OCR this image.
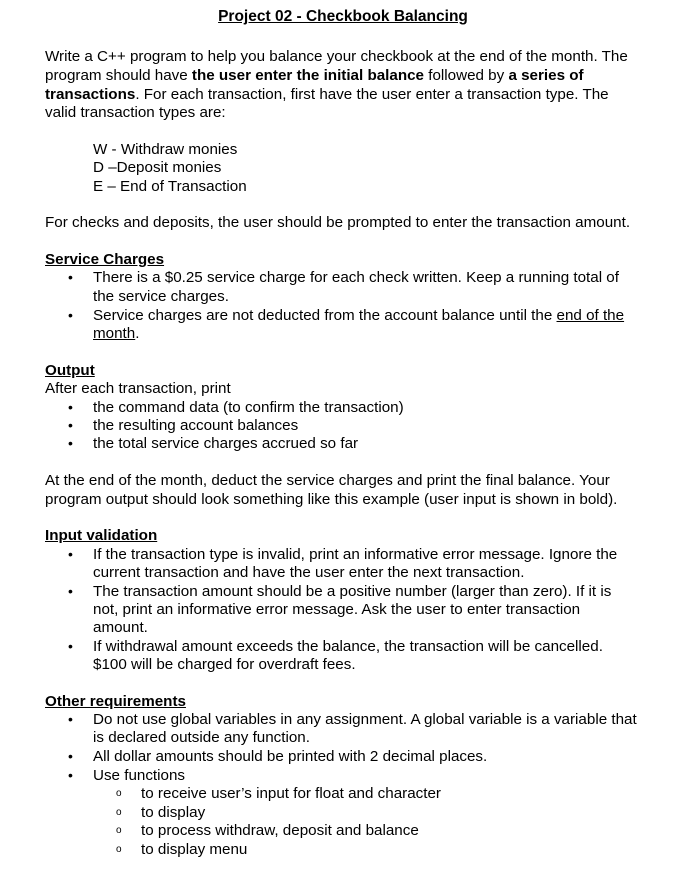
Project 02 - Checkbook Balancing
Write a C++ program to help you balance your checkbook at the end of the month. The
program should have the user enter the initial balance followed by a series of
transactions. For each transaction, first have the user enter a transaction type. The
valid transaction types are:
W - Withdraw monies
D –Deposit monies
E – End of Transaction
For checks and deposits, the user should be prompted to enter the transaction amount.
Service Charges
• There is a $0.25 service charge for each check written. Keep a running total of
the service charges.
• Service charges are not deducted from the account balance until the end of the
month.
Output
After each transaction, print
• the command data (to confirm the transaction)
• the resulting account balances
• the total service charges accrued so far
At the end of the month, deduct the service charges and print the final balance. Your
program output should look something like this example (user input is shown in bold).
Input validation
• If the transaction type is invalid, print an informative error message. Ignore the
current transaction and have the user enter the next transaction.
• The transaction amount should be a positive number (larger than zero). If it is
not, print an informative error message. Ask the user to enter transaction
amount.
• If withdrawal amount exceeds the balance, the transaction will be cancelled.
$100 will be charged for overdraft fees.
Other requirements
• Do not use global variables in any assignment. A global variable is a variable that
is declared outside any function.
• All dollar amounts should be printed with 2 decimal places.
• Use functions
o to receive user’s input for float and character
o to display
o to process withdraw, deposit and balance
o to display menu
